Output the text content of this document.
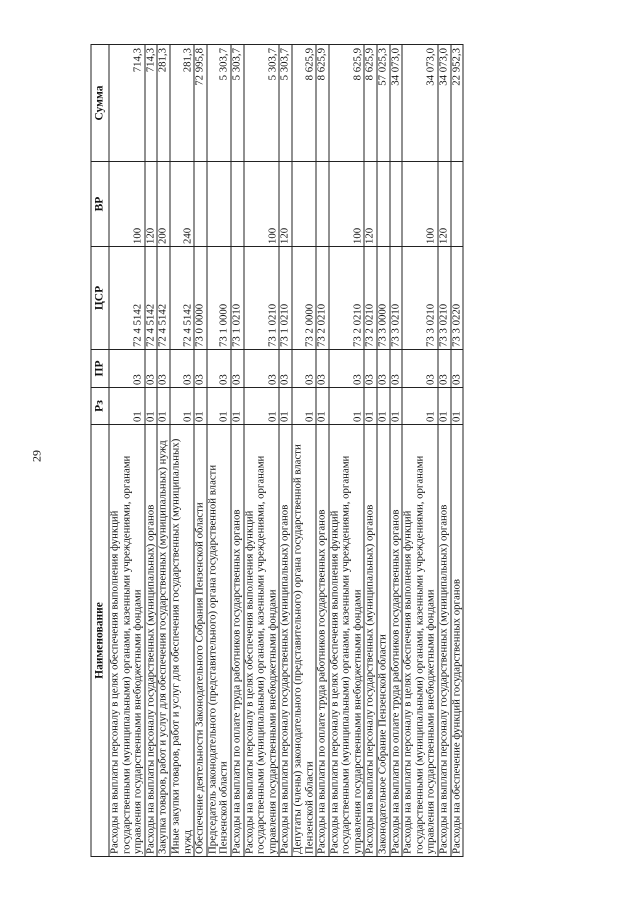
29
Наименование	Рз	ПР	ЦСР	ВР	Сумма
Расходы на выплаты персоналу в целях обеспечения выполнения функций государственными (муниципальными) органами, казенными учреждениями, органами управления государственными внебюджетными фондами	01	03	72 4 5142	100	714,3
Расходы на выплаты персоналу государственных (муниципальных) органов	01	03	72 4 5142	120	714,3
Закупка товаров, работ и услуг для обеспечения государственных (муниципальных) нужд	01	03	72 4 5142	200	281,3
Иные закупки товаров, работ и услуг для обеспечения государственных (муниципальных) нужд	01	03	72 4 5142	240	281,3
Обеспечение деятельности Законодательного Собрания Пензенской области	01	03	73 0 0000		72 995,8
Председатель законодательного (представительного) органа государственной власти Пензенской области	01	03	73 1 0000		5 303,7
Расходы на выплаты по оплате труда работников государственных органов	01	03	73 1 0210		5 303,7
Расходы на выплаты персоналу в целях обеспечения выполнения функций государственными (муниципальными) органами, казенными учреждениями, органами управления государственными внебюджетными фондами	01	03	73 1 0210	100	5 303,7
Расходы на выплаты персоналу государственных (муниципальных) органов	01	03	73 1 0210	120	5 303,7
Депутаты (члены) законодательного (представительного) органа государственной власти Пензенской области	01	03	73 2 0000		8 625,9
Расходы на выплаты по оплате труда работников государственных органов	01	03	73 2 0210		8 625,9
Расходы на выплаты персоналу в целях обеспечения выполнения функций государственными (муниципальными) органами, казенными учреждениями, органами управления государственными внебюджетными фондами	01	03	73 2 0210	100	8 625,9
Расходы на выплаты персоналу государственных (муниципальных) органов	01	03	73 2 0210	120	8 625,9
Законодательное Собрание Пензенской области	01	03	73 3 0000		57 025,3
Расходы на выплаты по оплате труда работников государственных органов	01	03	73 3 0210		34 073,0
Расходы на выплаты персоналу в целях обеспечения выполнения функций государственными (муниципальными) органами, казенными учреждениями, органами управления государственными внебюджетными фондами	01	03	73 3 0210	100	34 073,0
Расходы на выплаты персоналу государственных (муниципальных) органов	01	03	73 3 0210	120	34 073,0
Расходы на обеспечение функций государственных органов	01	03	73 3 0220		22 952,3
